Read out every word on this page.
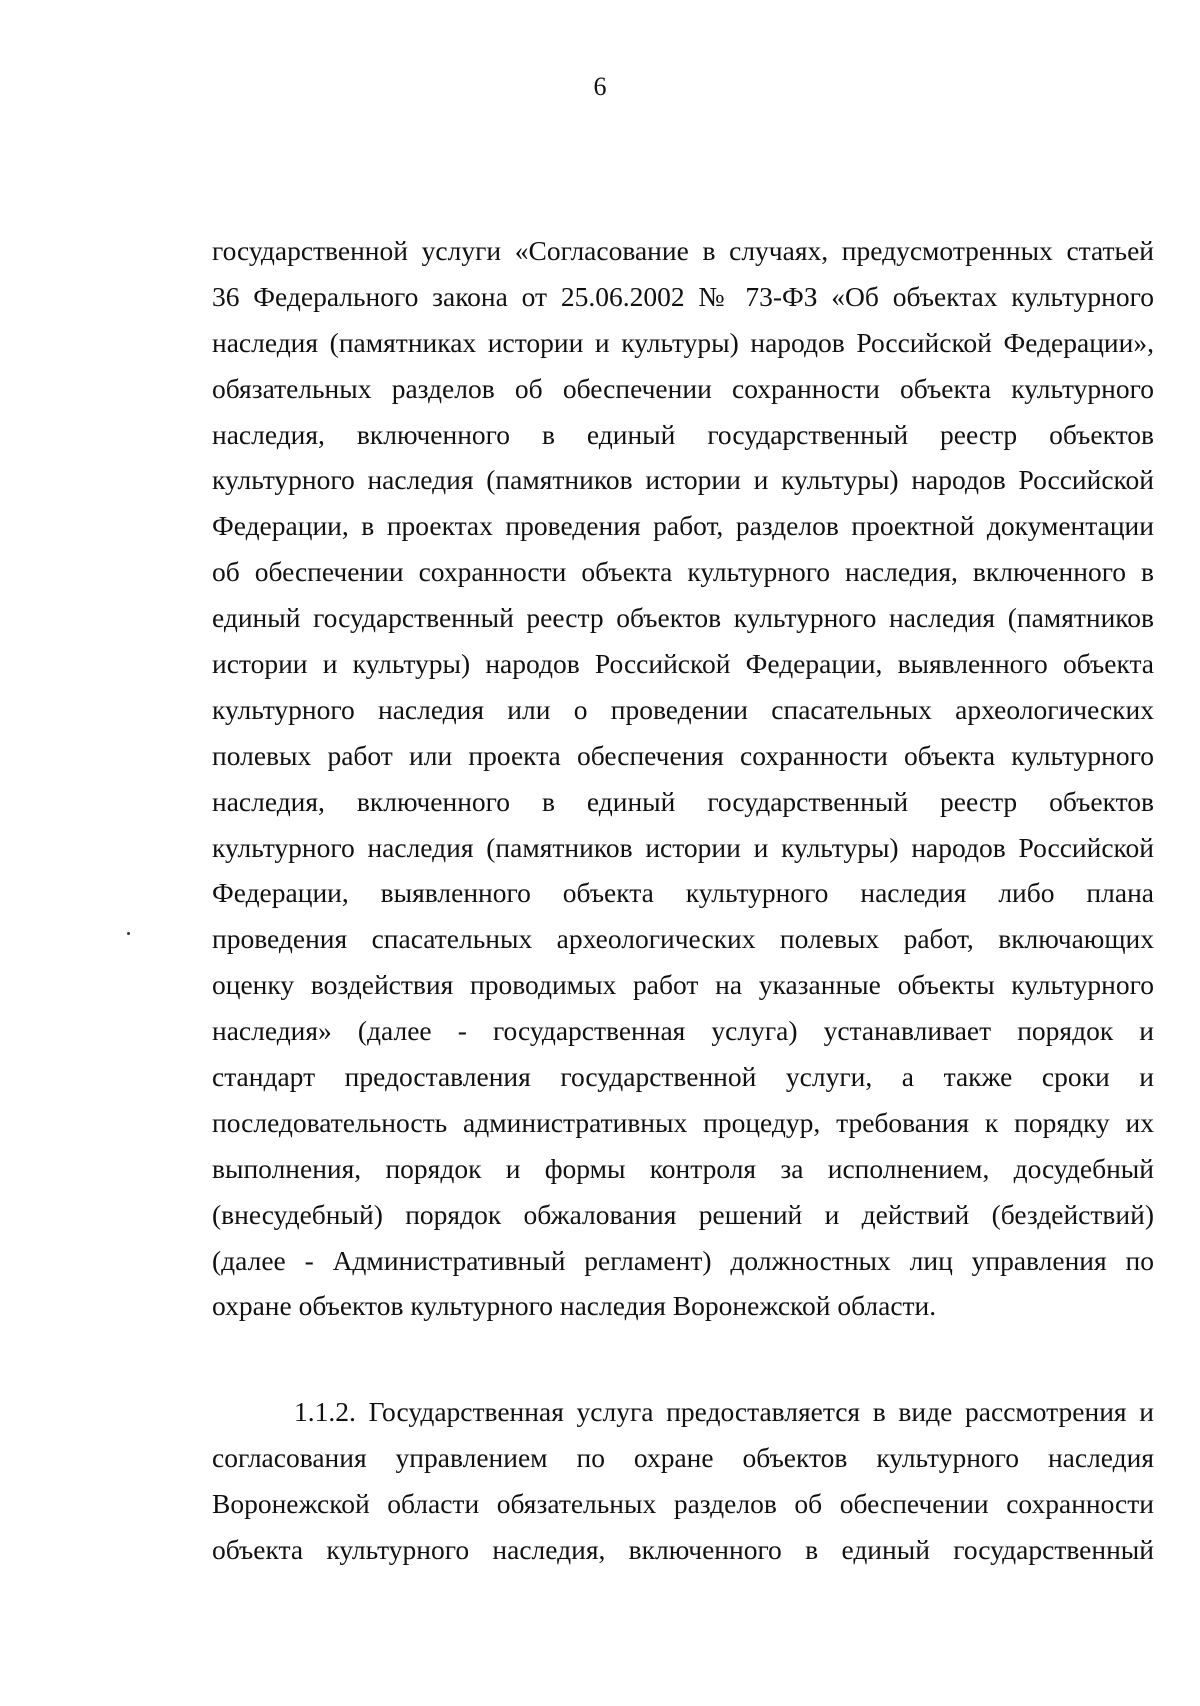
6
государственной услуги «Согласование в случаях, предусмотренных статьей
36 Федерального закона от 25.06.2002 № 73-ФЗ «Об объектах культурного
наследия (памятниках истории и культуры) народов Российской Федерации»,
обязательных разделов об обеспечении сохранности объекта культурного
наследия, включенного в единый государственный реестр объектов
культурного наследия (памятников истории и культуры) народов Российской
Федерации, в проектах проведения работ, разделов проектной документации
об обеспечении сохранности объекта культурного наследия, включенного в
единый государственный реестр объектов культурного наследия (памятников
истории и культуры) народов Российской Федерации, выявленного объекта
культурного наследия или о проведении спасательных археологических
полевых работ или проекта обеспечения сохранности объекта культурного
наследия, включенного в единый государственный реестр объектов
культурного наследия (памятников истории и культуры) народов Российской
Федерации, выявленного объекта культурного наследия либо плана
проведения спасательных археологических полевых работ, включающих
оценку воздействия проводимых работ на указанные объекты культурного
наследия» (далее - государственная услуга) устанавливает порядок и
стандарт предоставления государственной услуги, а также сроки и
последовательность административных процедур, требования к порядку их
выполнения, порядок и формы контроля за исполнением, досудебный
(внесудебный) порядок обжалования решений и действий (бездействий)
(далее - Административный регламент) должностных лиц управления по
охране объектов культурного наследия Воронежской области.
1.1.2. Государственная услуга предоставляется в виде рассмотрения и
согласования управлением по охране объектов культурного наследия
Воронежской области обязательных разделов об обеспечении сохранности
объекта культурного наследия, включенного в единый государственный
